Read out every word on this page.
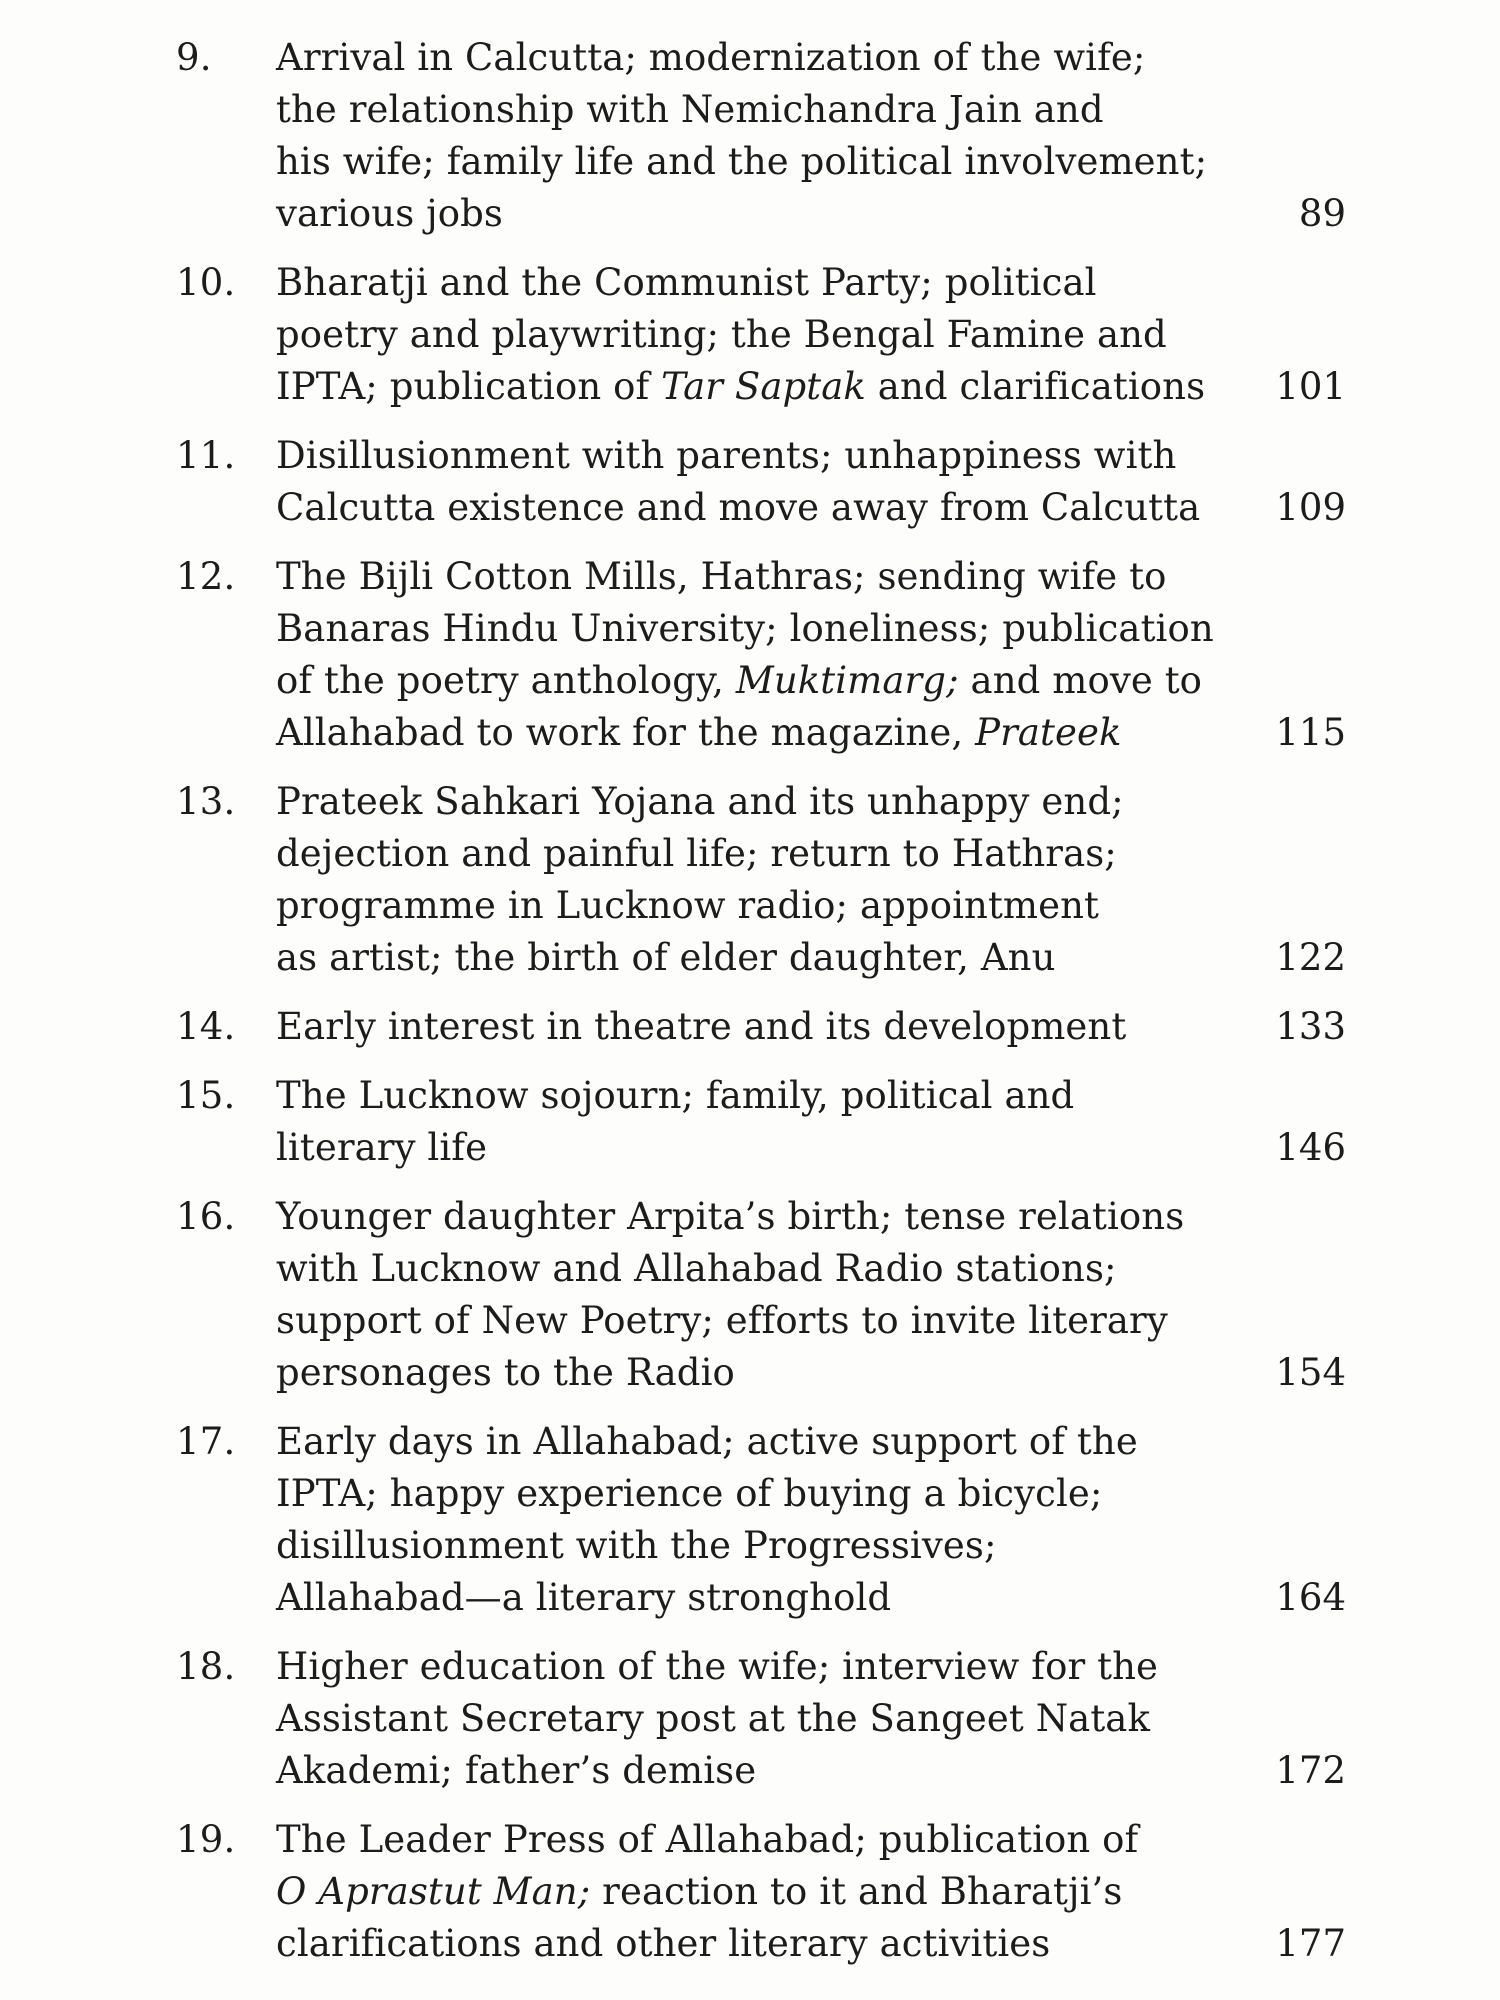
9. Arrival in Calcutta; modernization of the wife;
the relationship with Nemichandra Jain and
his wife; family life and the political involvement;
various jobs	89
10. Bharatji and the Communist Party; political
poetry and playwriting; the Bengal Famine and
IPTA; publication of Tar Saptak and clarifications 101
11. Disillusionment with parents; unhappiness with
Calcutta existence and move away from Calcutta 109
12. The Bijli Cotton Mills, Hathras; sending wife to
Banaras Hindu University; loneliness; publication
of the poetry anthology, Muktimarg; and move to
Allahabad to work for the magazine, Prateek	115
13. Prateek Sahkari Yojana and its unhappy end;
dejection and painful life; return to Hathras;
programme in Lucknow radio; appointment
as artist; the birth of elder daughter, Anu	122
14. Early interest in theatre and its development	133
15. The Lucknow sojourn; family, political and
literary life	146
16. Younger daughter Arpita’s birth; tense relations
with Lucknow and Allahabad Radio stations;
support of New Poetry; efforts to invite literary
personages to the Radio	154
17. Early days in Allahabad; active support of the
IPTA; happy experience of buying a bicycle;
disillusionment with the Progressives;
Allahabad—a literary stronghold	164
18. Higher education of the wife; interview for the
Assistant Secretary post at the Sangeet Natak
Akademi; father’s demise	172
19. The Leader Press of Allahabad; publication of
O Aprastut Man; reaction to it and Bharatji’s
clarifications and other literary activities	177
